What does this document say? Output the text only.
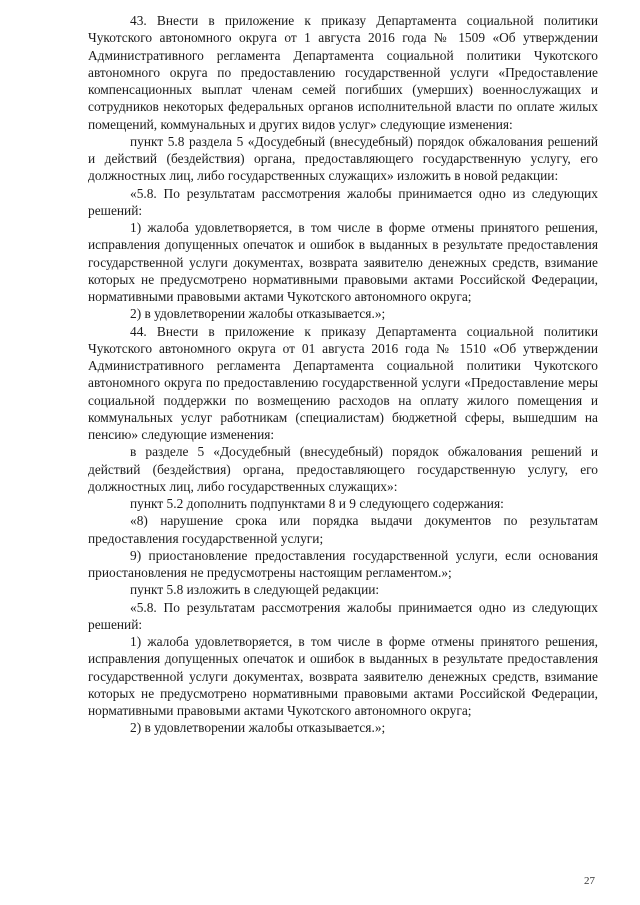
43. Внести в приложение к приказу Департамента социальной политики Чукотского автономного округа от 1 августа 2016 года № 1509 «Об утверждении Административного регламента Департамента социальной политики Чукотского автономного округа по предоставлению государственной услуги «Предоставление компенсационных выплат членам семей погибших (умерших) военнослужащих и сотрудников некоторых федеральных органов исполнительной власти по оплате жилых помещений, коммунальных и других видов услуг» следующие изменения:

пункт 5.8 раздела 5 «Досудебный (внесудебный) порядок обжалования решений и действий (бездействия) органа, предоставляющего государственную услугу, его должностных лиц, либо государственных служащих» изложить в новой редакции:

«5.8. По результатам рассмотрения жалобы принимается одно из следующих решений:

1) жалоба удовлетворяется, в том числе в форме отмены принятого решения, исправления допущенных опечаток и ошибок в выданных в результате предоставления государственной услуги документах, возврата заявителю денежных средств, взимание которых не предусмотрено нормативными правовыми актами Российской Федерации, нормативными правовыми актами Чукотского автономного округа;

2) в удовлетворении жалобы отказывается.»;

44. Внести в приложение к приказу Департамента социальной политики Чукотского автономного округа от 01 августа 2016 года № 1510 «Об утверждении Административного регламента Департамента социальной политики Чукотского автономного округа по предоставлению государственной услуги «Предоставление меры социальной поддержки по возмещению расходов на оплату жилого помещения и коммунальных услуг работникам (специалистам) бюджетной сферы, вышедшим на пенсию» следующие изменения:

в разделе 5 «Досудебный (внесудебный) порядок обжалования решений и действий (бездействия) органа, предоставляющего государственную услугу, его должностных лиц, либо государственных служащих»:

пункт 5.2 дополнить подпунктами 8 и 9 следующего содержания:

«8) нарушение срока или порядка выдачи документов по результатам предоставления государственной услуги;

9) приостановление предоставления государственной услуги, если основания приостановления не предусмотрены настоящим регламентом.»;

пункт 5.8 изложить в следующей редакции:

«5.8. По результатам рассмотрения жалобы принимается одно из следующих решений:

1) жалоба удовлетворяется, в том числе в форме отмены принятого решения, исправления допущенных опечаток и ошибок в выданных в результате предоставления государственной услуги документах, возврата заявителю денежных средств, взимание которых не предусмотрено нормативными правовыми актами Российской Федерации, нормативными правовыми актами Чукотского автономного округа;

2) в удовлетворении жалобы отказывается.»;

27
